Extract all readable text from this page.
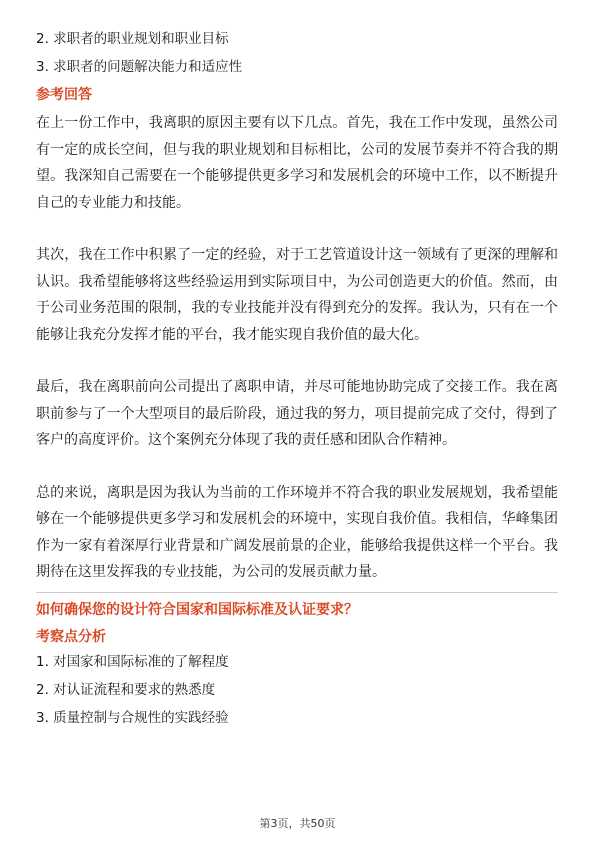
2. 求职者的职业规划和职业目标
3. 求职者的问题解决能力和适应性
参考回答

在上一份工作中，我离职的原因主要有以下几点。首先，我在工作中发现，虽然公司有一定的成长空间，但与我的职业规划和目标相比，公司的发展节奏并不符合我的期望。我深知自己需要在一个能够提供更多学习和发展机会的环境中工作，以不断提升自己的专业能力和技能。

其次，我在工作中积累了一定的经验，对于工艺管道设计这一领域有了更深的理解和认识。我希望能够将这些经验运用到实际项目中，为公司创造更大的价值。然而，由于公司业务范围的限制，我的专业技能并没有得到充分的发挥。我认为，只有在一个能够让我充分发挥才能的平台，我才能实现自我价值的最大化。

最后，我在离职前向公司提出了离职申请，并尽可能地协助完成了交接工作。我在离职前参与了一个大型项目的最后阶段，通过我的努力，项目提前完成了交付，得到了客户的高度评价。这个案例充分体现了我的责任感和团队合作精神。

总的来说，离职是因为我认为当前的工作环境并不符合我的职业发展规划，我希望能够在一个能够提供更多学习和发展机会的环境中，实现自我价值。我相信，华峰集团作为一家有着深厚行业背景和广阔发展前景的企业，能够给我提供这样一个平台。我期待在这里发挥我的专业技能，为公司的发展贡献力量。

如何确保您的设计符合国家和国际标准及认证要求？
考察点分析
1. 对国家和国际标准的了解程度
2. 对认证流程和要求的熟悉度
3. 质量控制与合规性的实践经验
第3页，共50页
